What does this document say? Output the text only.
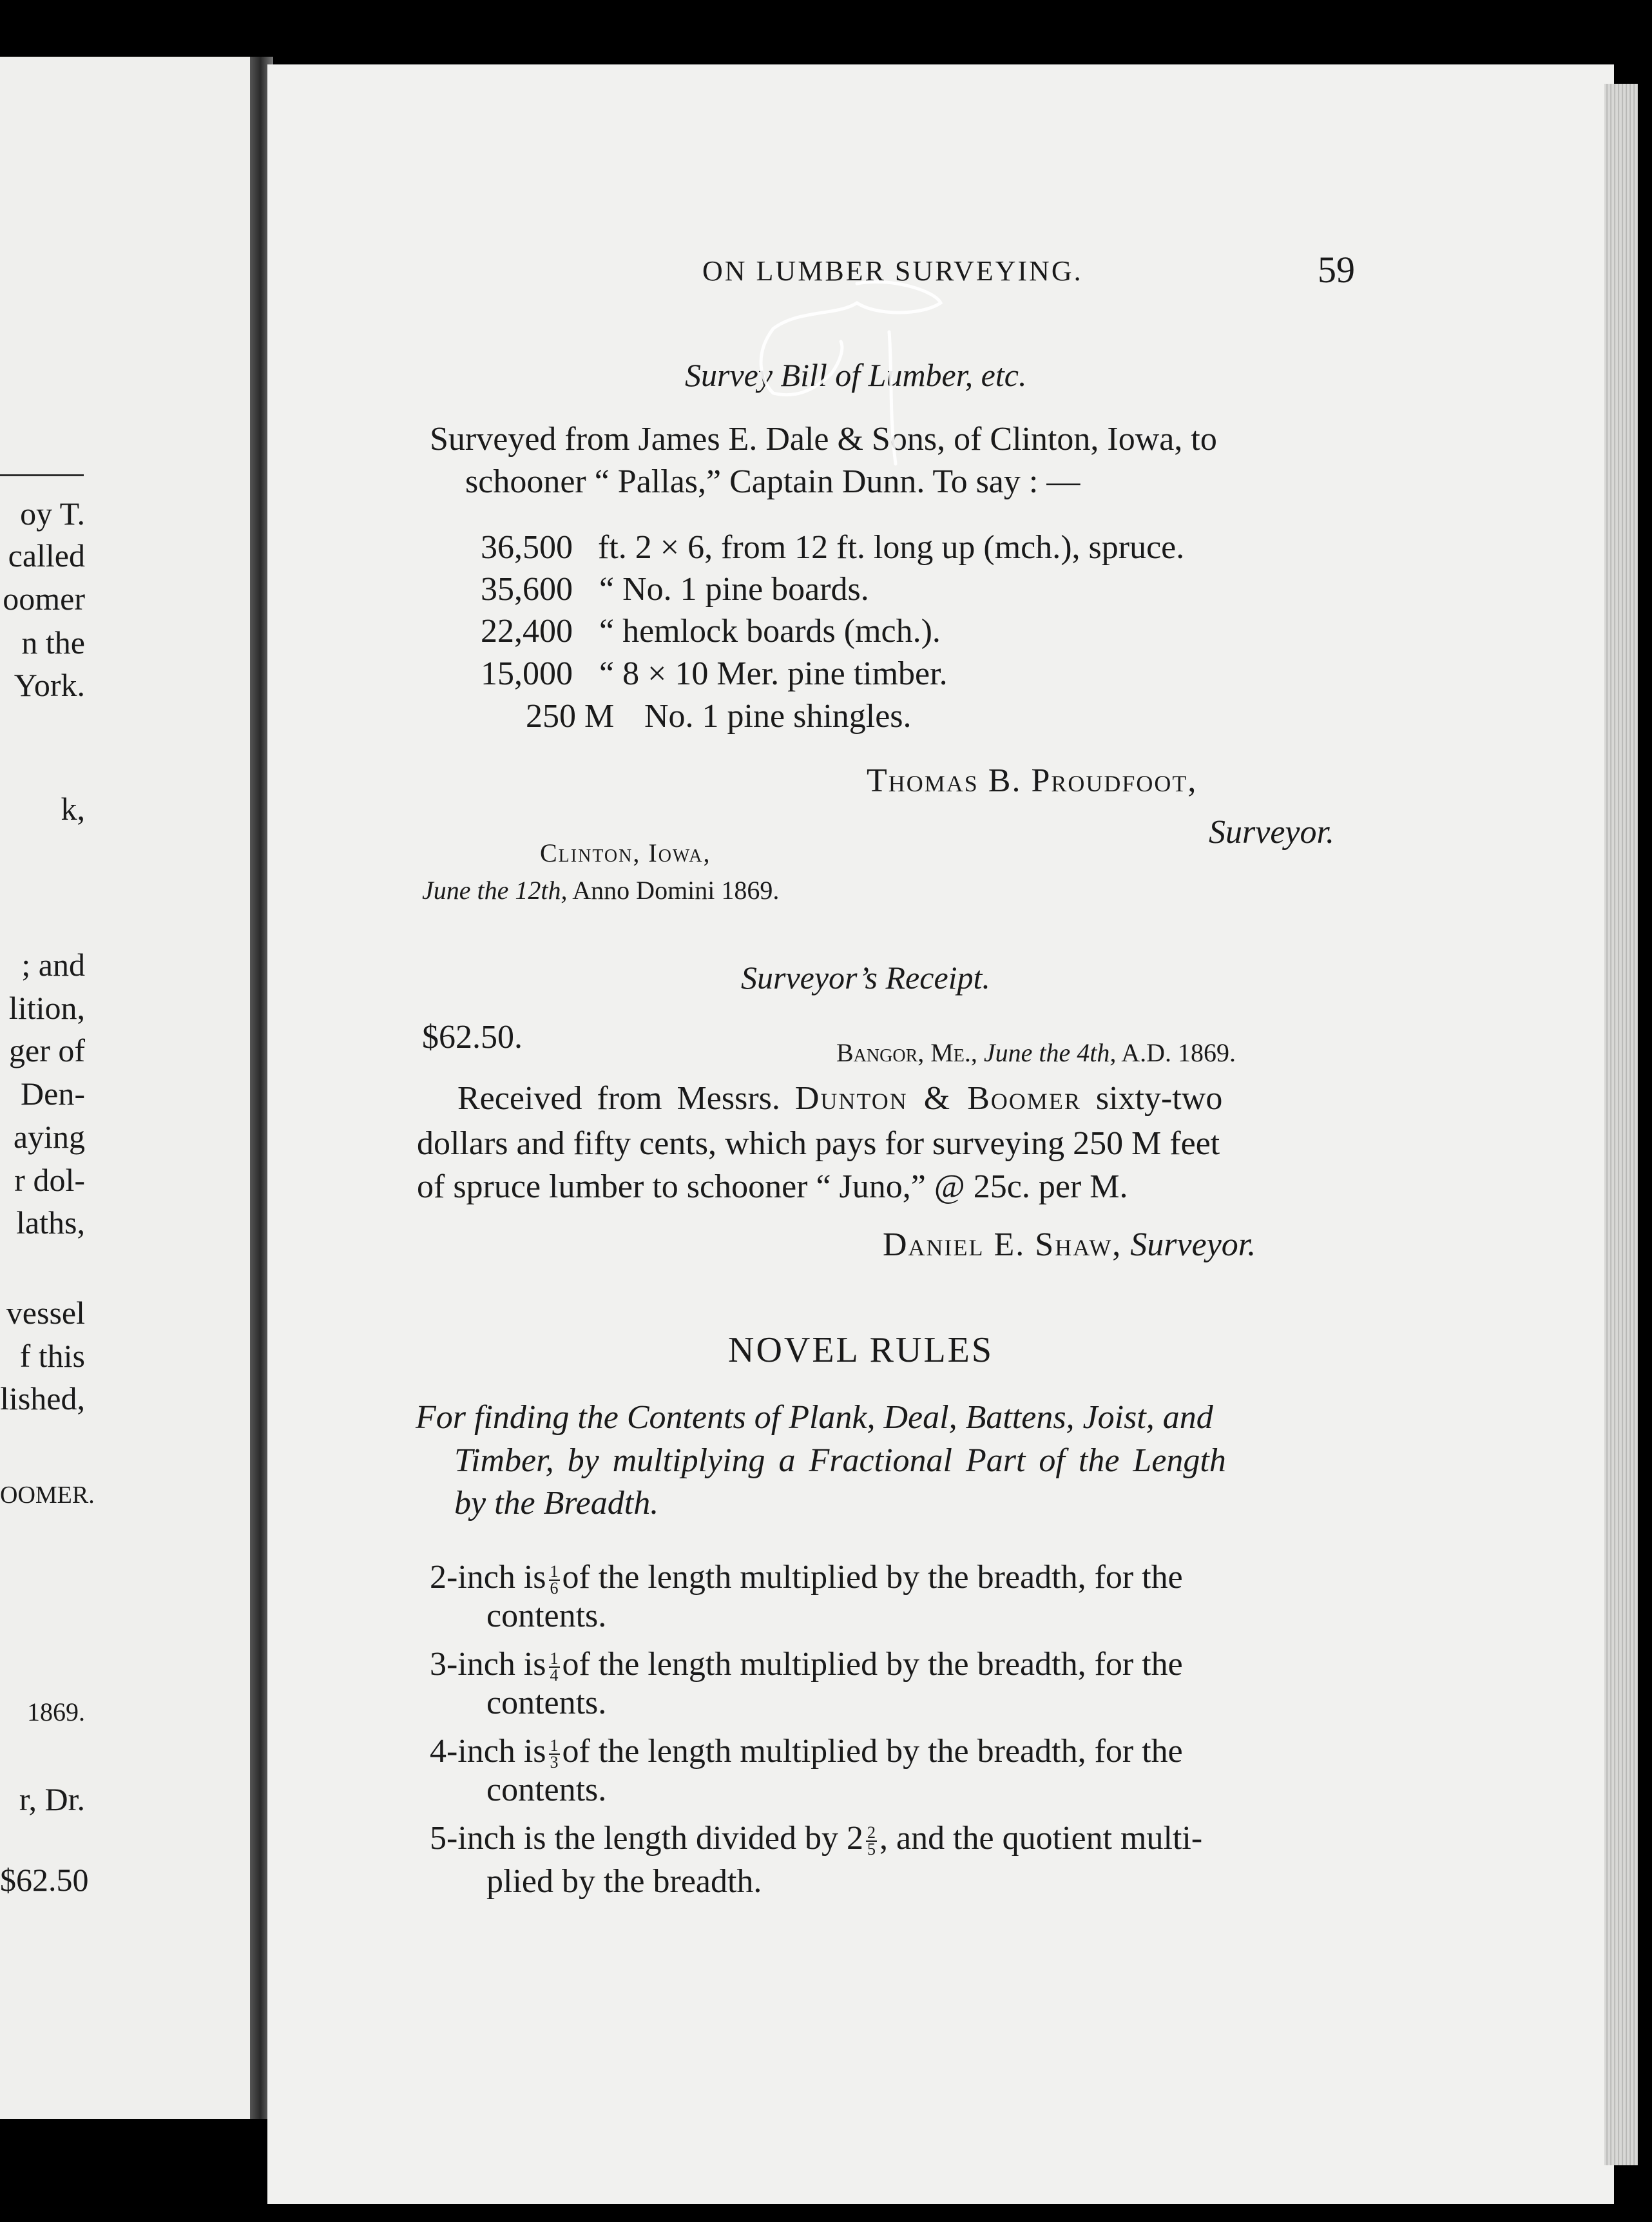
oy T.
called
oomer
n the
York.
k,
; and
lition,
ger of
Den-
aying
r dol-
laths,
vessel
f this
lished,
OOMER.
1869.
r, Dr.
$62.50
ON LUMBER SURVEYING.	59
Survey Bill of Lumber, etc.
Surveyed from James E. Dale & Sons, of Clinton, Iowa, to
schooner “ Pallas,” Captain Dunn. To say : —
36,500 ft. 2 × 6, from 12 ft. long up (mch.), spruce.
35,600 “ No. 1 pine boards.
22,400 “ hemlock boards (mch.).
15,000 “ 8 × 10 Mer. pine timber.
250 M No. 1 pine shingles.
Thomas B. Proudfoot,
Surveyor.
Clinton, Iowa,
June the 12th, Anno Domini 1869.
Surveyor’s Receipt.
$62.50.	Bangor, Me., June the 4th, A.D. 1869.
Received from Messrs. Dunton & Boomer sixty-two
dollars and fifty cents, which pays for surveying 250 M feet
of spruce lumber to schooner “ Juno,” @ 25c. per M.
Daniel E. Shaw, Surveyor.
NOVEL RULES
For finding the Contents of Plank, Deal, Battens, Joist, and
Timber, by multiplying a Fractional Part of the Length
by the Breadth.
2-inch is $\frac{1}{6}$ of the length multiplied by the breadth, for the
contents.
3-inch is $\frac{1}{4}$ of the length multiplied by the breadth, for the
contents.
4-inch is $\frac{1}{3}$ of the length multiplied by the breadth, for the
contents.
5-inch is the length divided by $2 \frac{2}{5}$ , and the quotient multi-
plied by the breadth.
